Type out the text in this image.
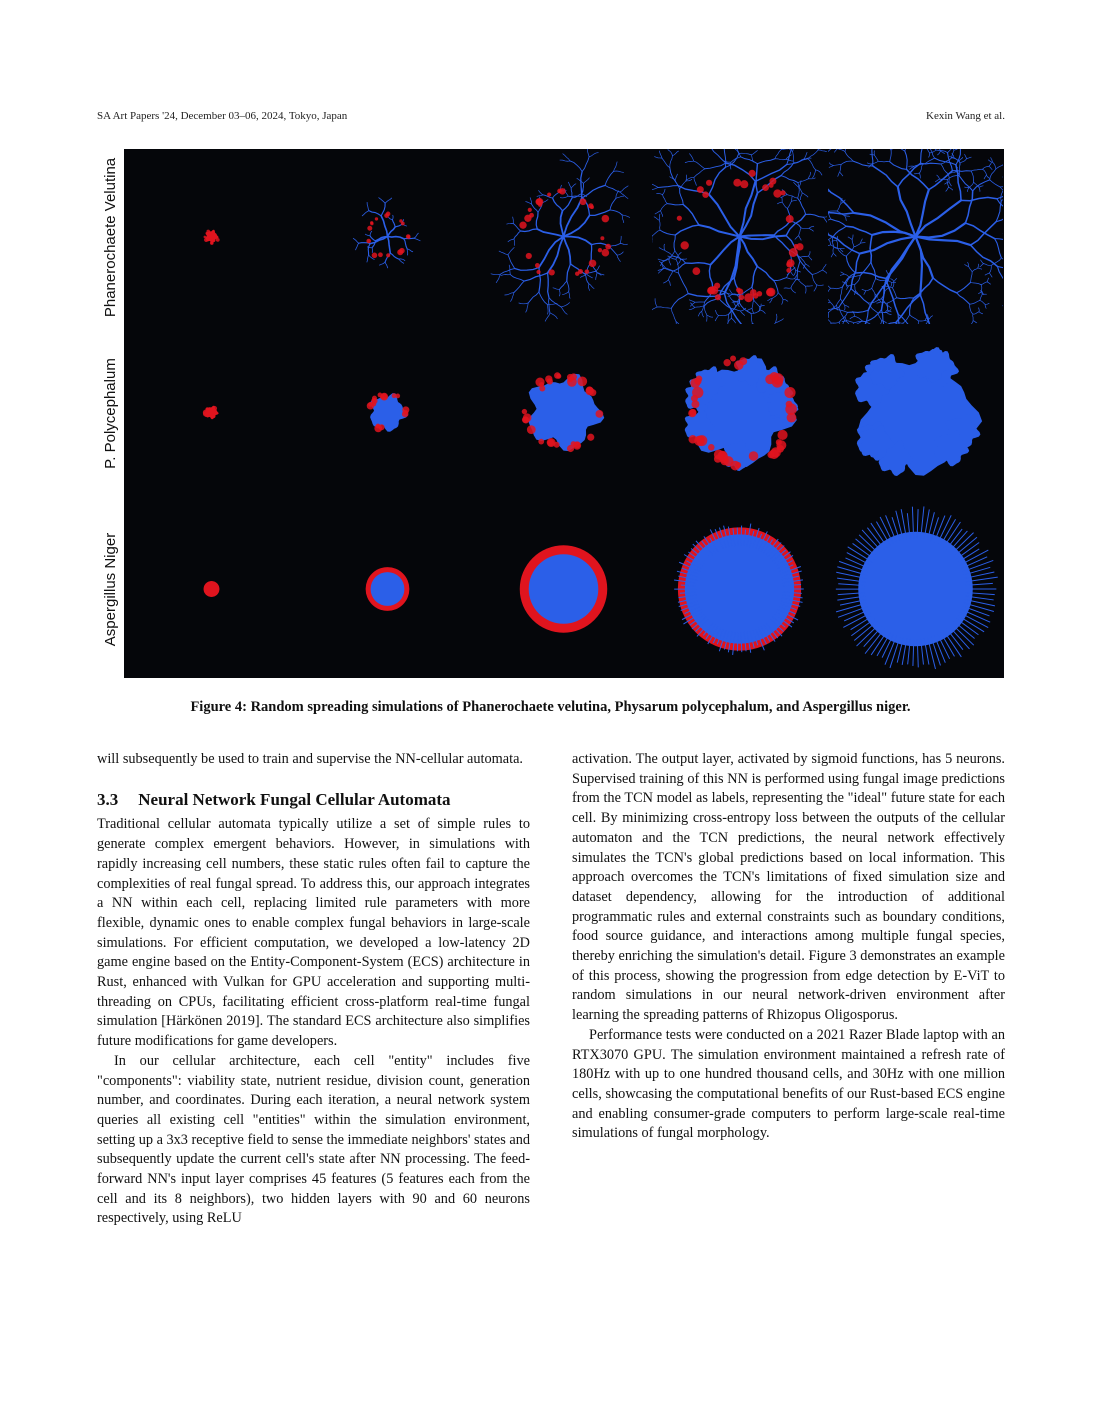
SA Art Papers '24, December 03–06, 2024, Tokyo, Japan	Kexin Wang et al.
Phanerochaete Velutina
P. Polycephalum
Aspergillus Niger
Figure 4: Random spreading simulations of Phanerochaete velutina, Physarum polycephalum, and Aspergillus niger.

will subsequently be used to train and supervise the NN-cellular automata.

3.3 Neural Network Fungal Cellular Automata

Traditional cellular automata typically utilize a set of simple rules to generate complex emergent behaviors. However, in simulations with rapidly increasing cell numbers, these static rules often fail to capture the complexities of real fungal spread. To address this, our approach integrates a NN within each cell, replacing limited rule parameters with more flexible, dynamic ones to enable complex fungal behaviors in large-scale simulations. For efficient computation, we developed a low-latency 2D game engine based on the Entity-Component-System (ECS) architecture in Rust, enhanced with Vulkan for GPU acceleration and supporting multi-threading on CPUs, facilitating efficient cross-platform real-time fungal simulation [Härkönen 2019]. The standard ECS architecture also simplifies future modifications for game developers.

In our cellular architecture, each cell "entity" includes five "components": viability state, nutrient residue, division count, generation number, and coordinates. During each iteration, a neural network system queries all existing cell "entities" within the simulation environment, setting up a 3x3 receptive field to sense the immediate neighbors' states and subsequently update the current cell's state after NN processing. The feed-forward NN's input layer comprises 45 features (5 features each from the cell and its 8 neighbors), two hidden layers with 90 and 60 neurons respectively, using ReLU

activation. The output layer, activated by sigmoid functions, has 5 neurons. Supervised training of this NN is performed using fungal image predictions from the TCN model as labels, representing the "ideal" future state for each cell. By minimizing cross-entropy loss between the outputs of the cellular automaton and the TCN predictions, the neural network effectively simulates the TCN's global predictions based on local information. This approach overcomes the TCN's limitations of fixed simulation size and dataset dependency, allowing for the introduction of additional programmatic rules and external constraints such as boundary conditions, food source guidance, and interactions among multiple fungal species, thereby enriching the simulation's detail. Figure 3 demonstrates an example of this process, showing the progression from edge detection by E-ViT to random simulations in our neural network-driven environment after learning the spreading patterns of Rhizopus Oligosporus.

Performance tests were conducted on a 2021 Razer Blade laptop with an RTX3070 GPU. The simulation environment maintained a refresh rate of 180Hz with up to one hundred thousand cells, and 30Hz with one million cells, showcasing the computational benefits of our Rust-based ECS engine and enabling consumer-grade computers to perform large-scale real-time simulations of fungal morphology.
